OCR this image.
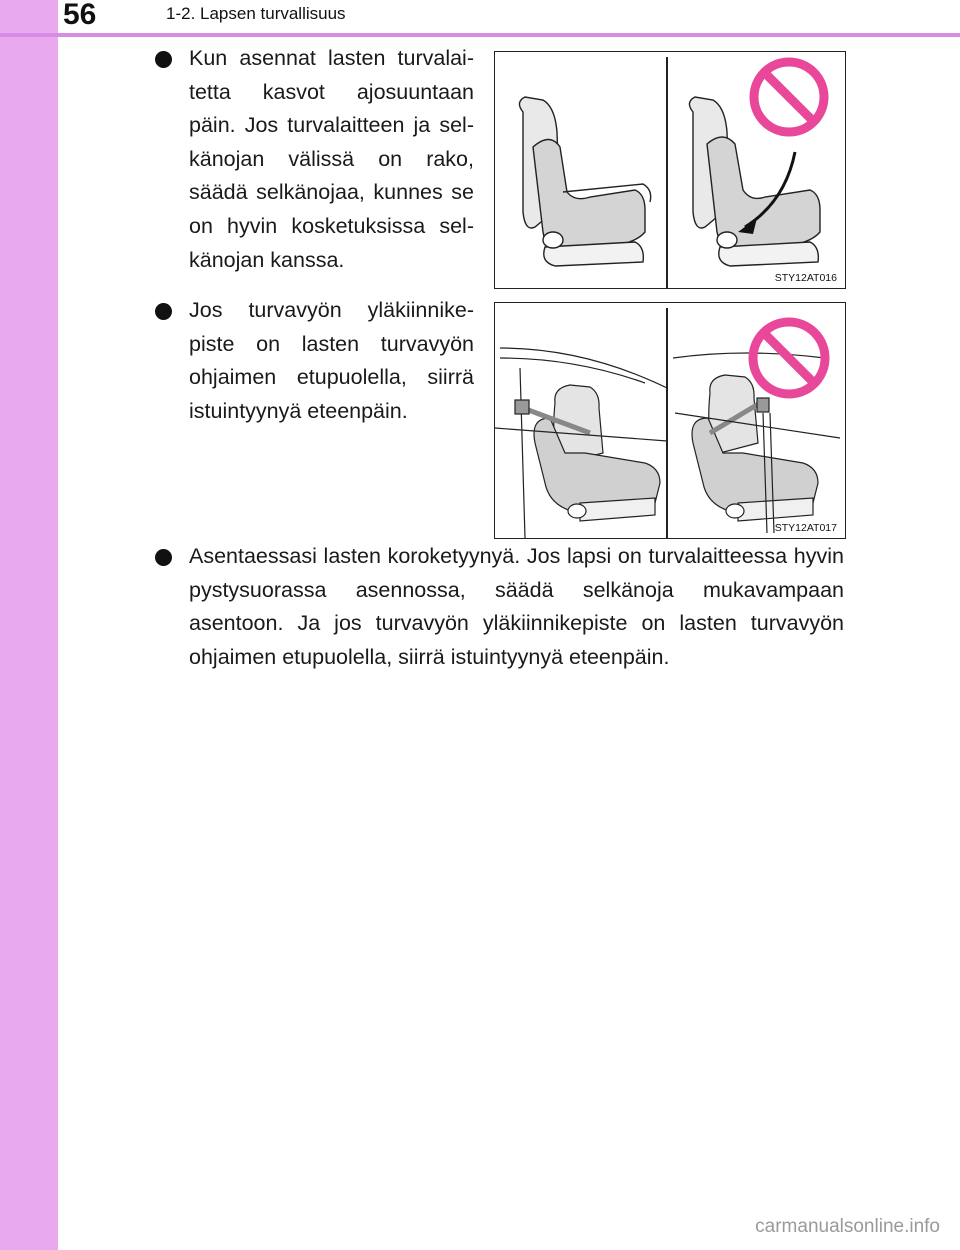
56	1-2. Lapsen turvallisuus
Kun asennat lasten turvalai-tetta kasvot ajosuuntaan päin. Jos turvalaitteen ja sel-känojan välissä on rako, säädä selkänojaa, kunnes se on hyvin kosketuksissa sel-känojan kanssa.
STY12AT016
Jos turvavyön yläkiinnike-piste on lasten turvavyön ohjaimen etupuolella, siirrä istuintyynyä eteenpäin.
STY12AT017
Asentaessasi lasten koroketyynyä. Jos lapsi on turvalaitteessa hyvin pystysuorassa asennossa, säädä selkänoja mukavampaan asentoon. Ja jos turvavyön yläkiinnikepiste on lasten turvavyön ohjaimen etupuolella, siirrä istuintyynyä eteenpäin.
carmanualsonline.info
